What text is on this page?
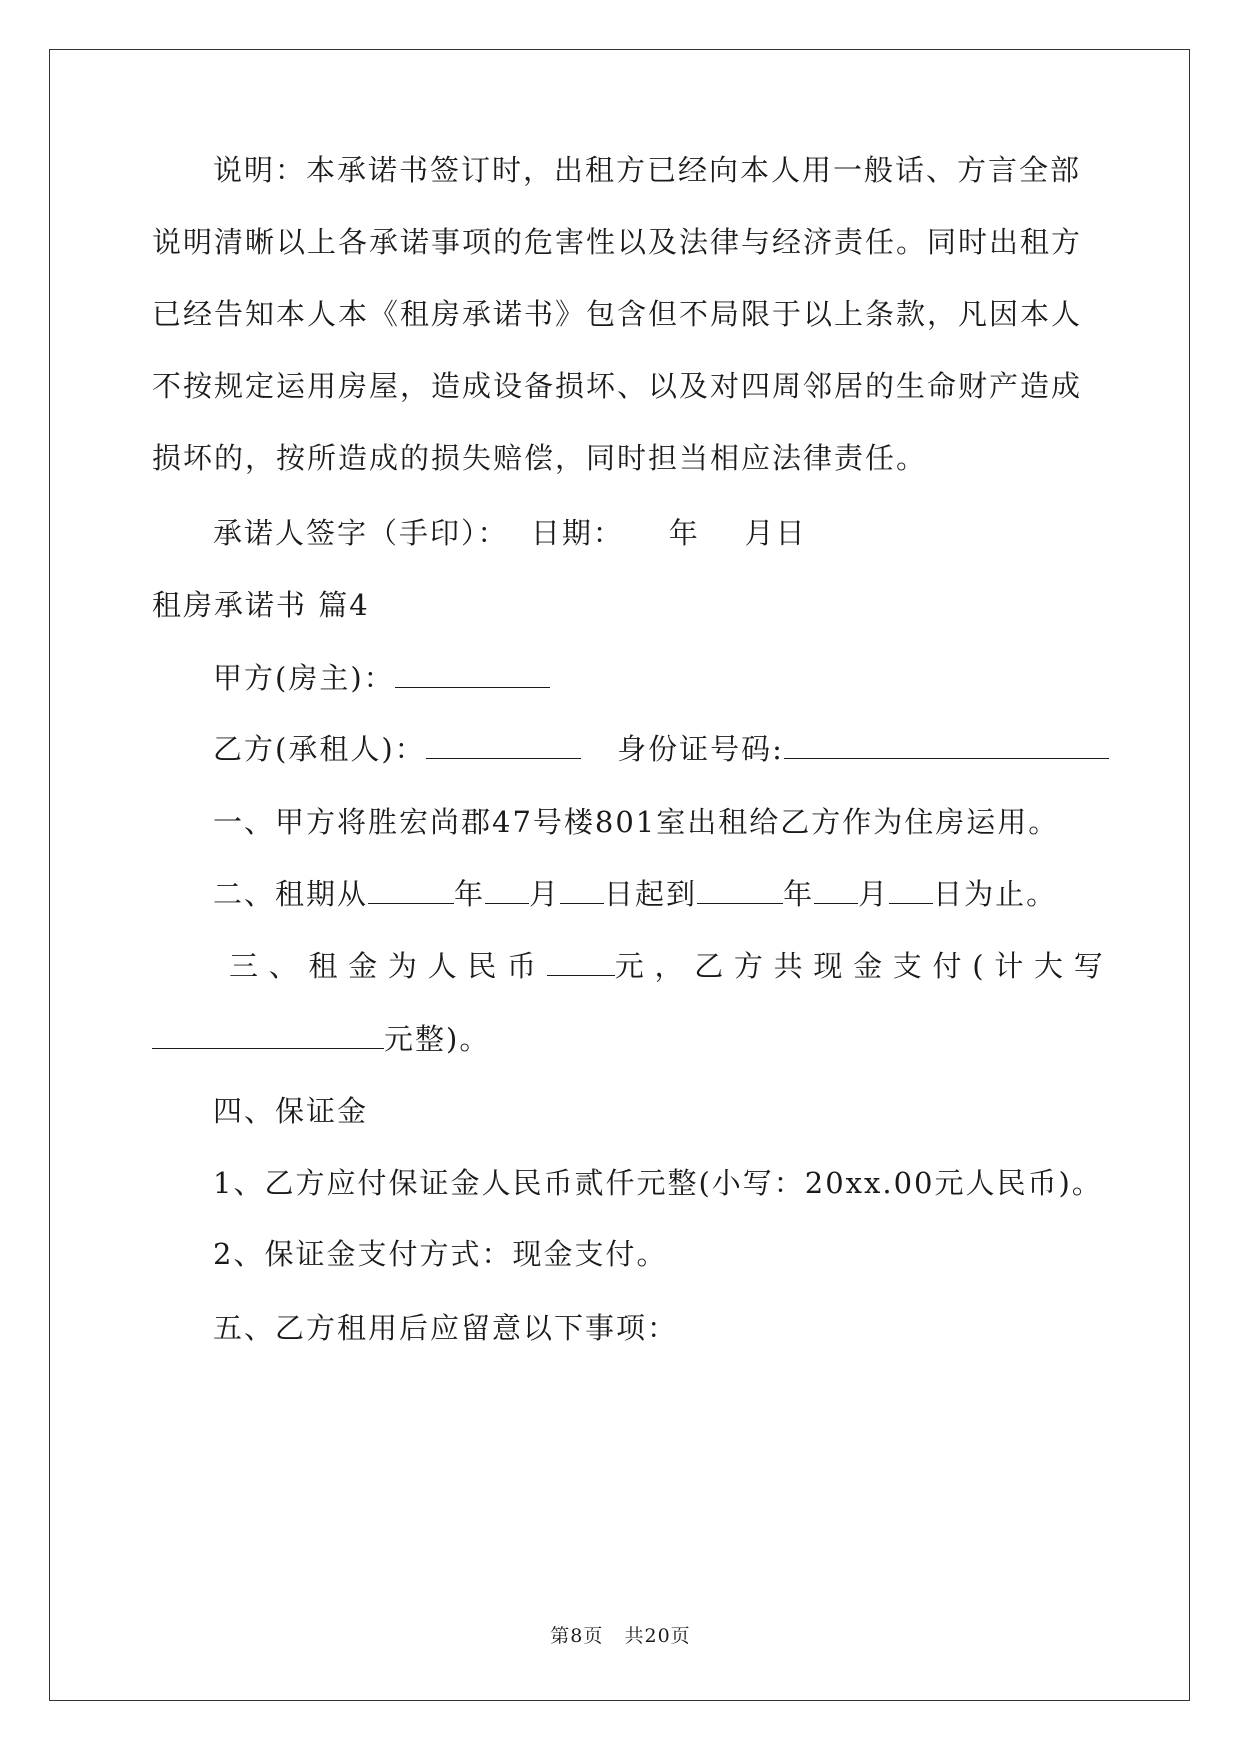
说明：本承诺书签订时，出租方已经向本人用一般话、方言全部
说明清晰以上各承诺事项的危害性以及法律与经济责任。同时出租方
已经告知本人本《租房承诺书》包含但不局限于以上条款，凡因本人
不按规定运用房屋，造成设备损坏、以及对四周邻居的生命财产造成
损坏的，按所造成的损失赔偿，同时担当相应法律责任。
承诺人签字（手印）：  日期：    年    月日
租房承诺书 篇4
甲方(房主)：
乙方(承租人)：	身份证号码:
一、甲方将胜宏尚郡47号楼801室出租给乙方作为住房运用。
二、租期从	年 月 日起到	年 月 日为止。
三 、 租 金 为 人 民 币	元 ， 乙 方 共 现 金 支 付 ( 计 大 写
元整)。
四、保证金
1、乙方应付保证金人民币贰仟元整(小写：20xx.00元人民币)。
2、保证金支付方式：现金支付。
五、乙方租用后应留意以下事项：
第8页   共20页
